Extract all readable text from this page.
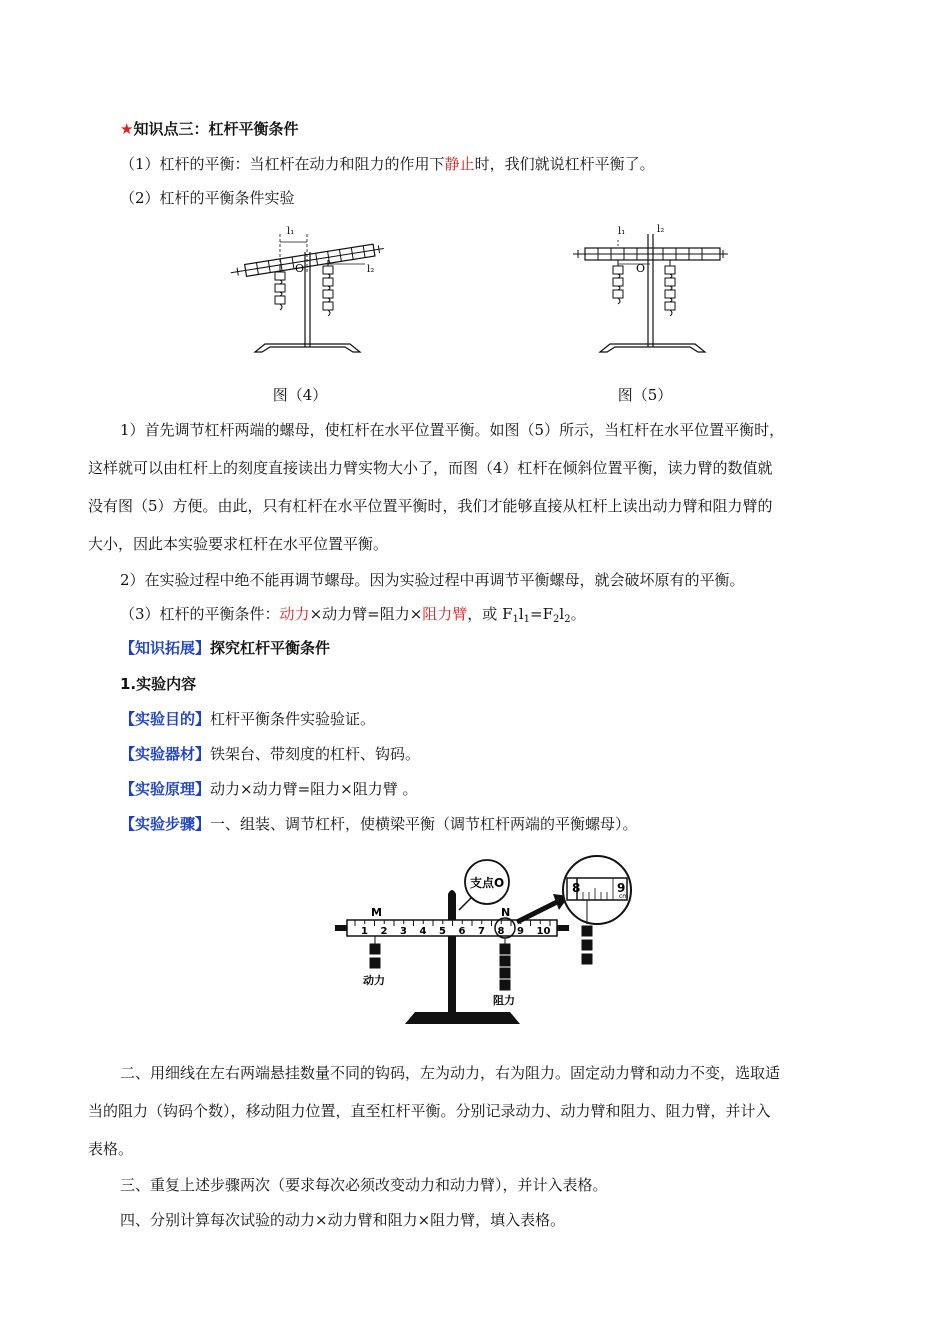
★知识点三：杠杆平衡条件
（1）杠杆的平衡：当杠杆在动力和阻力的作用下静止时，我们就说杠杆平衡了。
（2）杠杆的平衡条件实验
l₁
O	l₂
图（4）
l₁	l₂
O
图（5）
1）首先调节杠杆两端的螺母，使杠杆在水平位置平衡。如图（5）所示，当杠杆在水平位置平衡时，
这样就可以由杠杆上的刻度直接读出力臂实物大小了，而图（4）杠杆在倾斜位置平衡，读力臂的数值就
没有图（5）方便。由此，只有杠杆在水平位置平衡时，我们才能够直接从杠杆上读出动力臂和阻力臂的
大小，因此本实验要求杠杆在水平位置平衡。
2）在实验过程中绝不能再调节螺母。因为实验过程中再调节平衡螺母，就会破坏原有的平衡。
（3）杠杆的平衡条件：动力×动力臂=阻力×阻力臂，或 $F_1l_1=F_2l_2$。
【知识拓展】探究杠杆平衡条件
1.实验内容
【实验目的】杠杆平衡条件实验验证。
【实验器材】铁架台、带刻度的杠杆、钩码。
【实验原理】动力×动力臂=阻力×阻力臂 。
【实验步骤】一、组装、调节杠杆，使横梁平衡（调节杠杆两端的平衡螺母）。
1 2 3 4 5 6 7 8 9 10
M	N
支点O	8	9
cm
动力
阻力
二、用细线在左右两端悬挂数量不同的钩码，左为动力，右为阻力。固定动力臂和动力不变，选取适
当的阻力（钩码个数），移动阻力位置，直至杠杆平衡。分别记录动力、动力臂和阻力、阻力臂，并计入
表格。
三、重复上述步骤两次（要求每次必须改变动力和动力臂），并计入表格。
四、分别计算每次试验的动力×动力臂和阻力×阻力臂，填入表格。
